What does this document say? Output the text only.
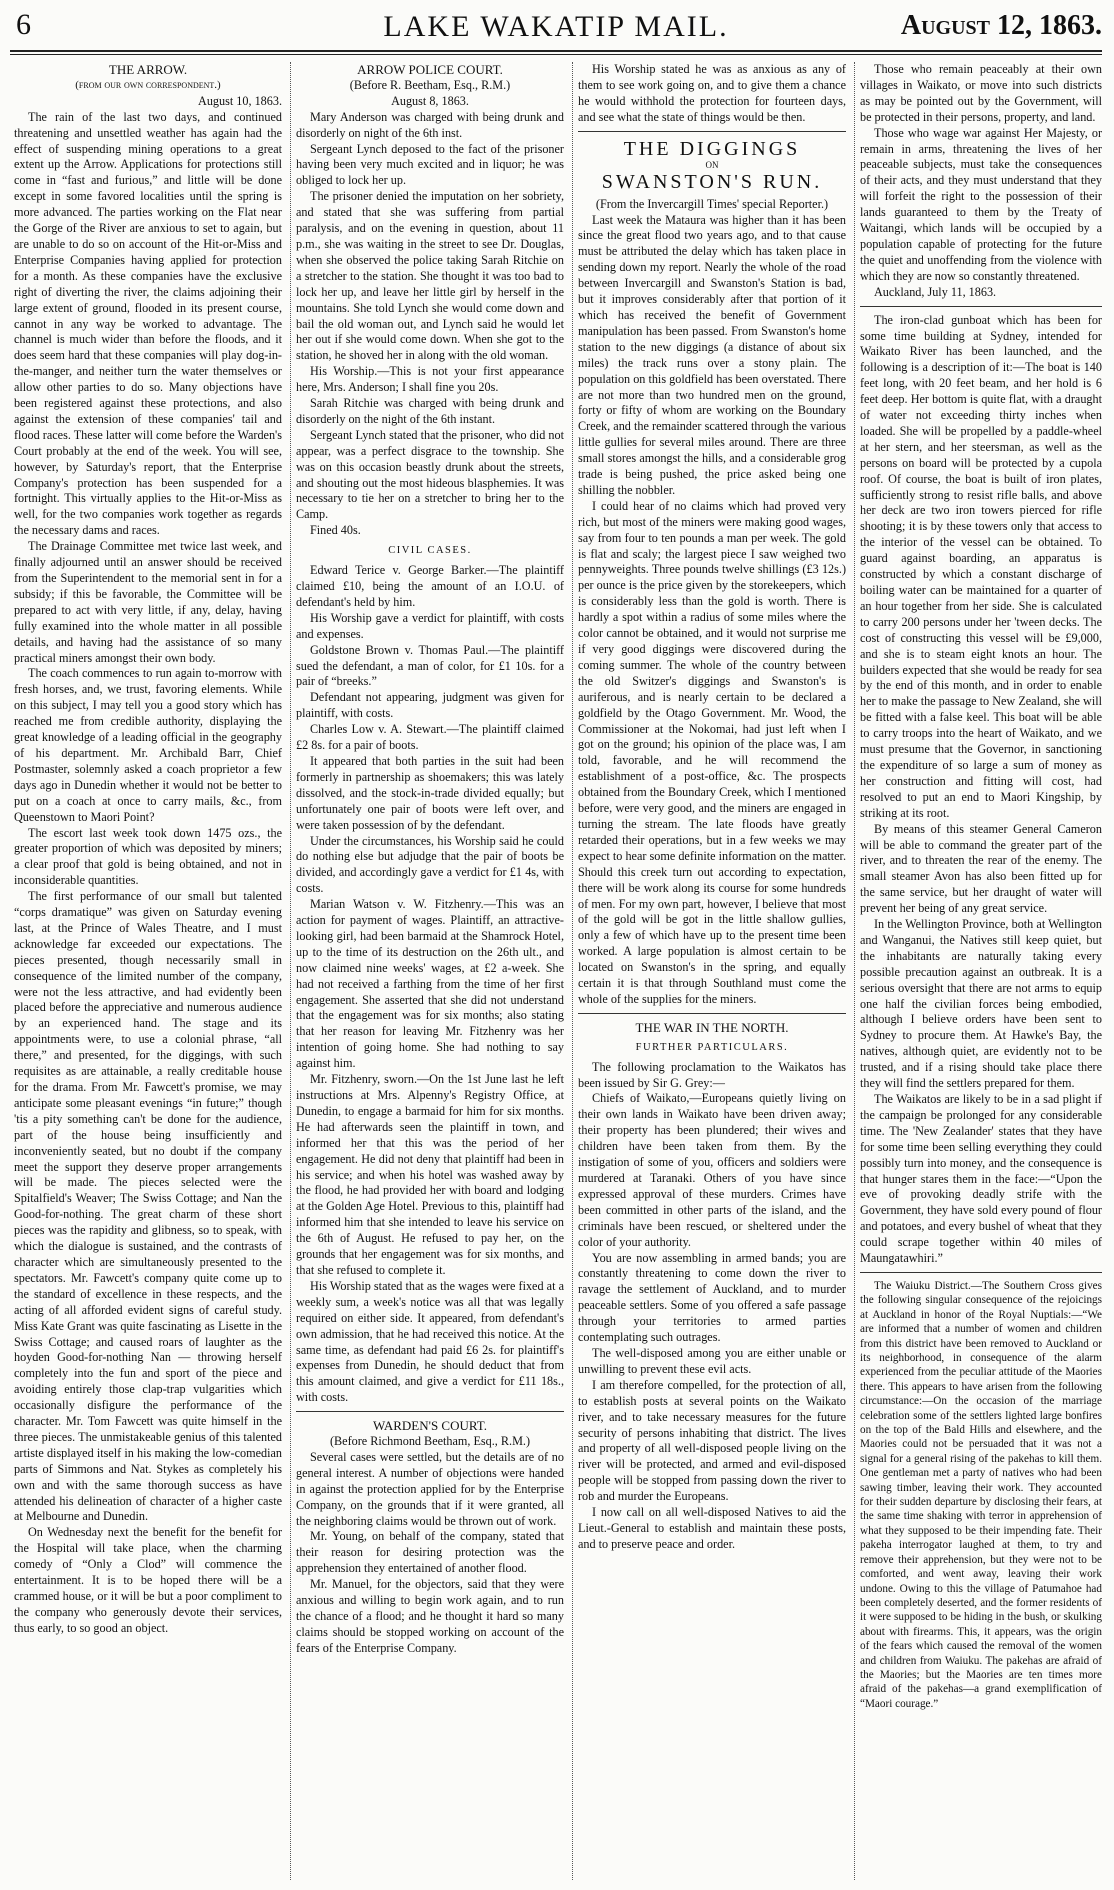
6	LAKE WAKATIP MAIL.	August 12, 1863.

THE ARROW.

(from our own correspondent.)

August 10, 1863.

The rain of the last two days, and continued threatening and unsettled weather has again had the effect of suspending mining operations to a great extent up the Arrow. Applications for protections still come in “fast and furious,” and little will be done except in some favored localities until the spring is more advanced. The parties working on the Flat near the Gorge of the River are anxious to set to again, but are unable to do so on account of the Hit-or-Miss and Enterprise Companies having applied for protection for a month. As these companies have the exclusive right of diverting the river, the claims adjoining their large extent of ground, flooded in its present course, cannot in any way be worked to advantage. The channel is much wider than before the floods, and it does seem hard that these companies will play dog-in-the-manger, and neither turn the water themselves or allow other parties to do so. Many objections have been registered against these protections, and also against the extension of these companies' tail and flood races. These latter will come before the Warden's Court probably at the end of the week. You will see, however, by Saturday's report, that the Enterprise Company's protection has been suspended for a fortnight. This virtually applies to the Hit-or-Miss as well, for the two companies work together as regards the necessary dams and races.

The Drainage Committee met twice last week, and finally adjourned until an answer should be received from the Superintendent to the memorial sent in for a subsidy; if this be favorable, the Committee will be prepared to act with very little, if any, delay, having fully examined into the whole matter in all possible details, and having had the assistance of so many practical miners amongst their own body.

The coach commences to run again to-morrow with fresh horses, and, we trust, favoring elements. While on this subject, I may tell you a good story which has reached me from credible authority, displaying the great knowledge of a leading official in the geography of his department. Mr. Archibald Barr, Chief Postmaster, solemnly asked a coach proprietor a few days ago in Dunedin whether it would not be better to put on a coach at once to carry mails, &c., from Queenstown to Maori Point?

The escort last week took down 1475 ozs., the greater proportion of which was deposited by miners; a clear proof that gold is being obtained, and not in inconsiderable quantities.

The first performance of our small but talented “corps dramatique” was given on Saturday evening last, at the Prince of Wales Theatre, and I must acknowledge far exceeded our expectations. The pieces presented, though necessarily small in consequence of the limited number of the company, were not the less attractive, and had evidently been placed before the appreciative and numerous audience by an experienced hand. The stage and its appointments were, to use a colonial phrase, “all there,” and presented, for the diggings, with such requisites as are attainable, a really creditable house for the drama. From Mr. Fawcett's promise, we may anticipate some pleasant evenings “in future;” though 'tis a pity something can't be done for the audience, part of the house being insufficiently and inconveniently seated, but no doubt if the company meet the support they deserve proper arrangements will be made. The pieces selected were the Spitalfield's Weaver; The Swiss Cottage; and Nan the Good-for-nothing. The great charm of these short pieces was the rapidity and glibness, so to speak, with which the dialogue is sustained, and the contrasts of character which are simultaneously presented to the spectators. Mr. Fawcett's company quite come up to the standard of excellence in these respects, and the acting of all afforded evident signs of careful study. Miss Kate Grant was quite fascinating as Lisette in the Swiss Cottage; and caused roars of laughter as the hoyden Good-for-nothing Nan — throwing herself completely into the fun and sport of the piece and avoiding entirely those clap-trap vulgarities which occasionally disfigure the performance of the character. Mr. Tom Fawcett was quite himself in the three pieces. The unmistakeable genius of this talented artiste displayed itself in his making the low-comedian parts of Simmons and Nat. Stykes as completely his own and with the same thorough success as have attended his delineation of character of a higher caste at Melbourne and Dunedin.

On Wednesday next the benefit for the benefit for the Hospital will take place, when the charming comedy of “Only a Clod” will commence the entertainment. It is to be hoped there will be a crammed house, or it will be but a poor compliment to the company who generously devote their services, thus early, to so good an object.

ARROW POLICE COURT.

(Before R. Beetham, Esq., R.M.)

August 8, 1863.

Mary Anderson was charged with being drunk and disorderly on night of the 6th inst.

Sergeant Lynch deposed to the fact of the prisoner having been very much excited and in liquor; he was obliged to lock her up.

The prisoner denied the imputation on her sobriety, and stated that she was suffering from partial paralysis, and on the evening in question, about 11 p.m., she was waiting in the street to see Dr. Douglas, when she observed the police taking Sarah Ritchie on a stretcher to the station. She thought it was too bad to lock her up, and leave her little girl by herself in the mountains. She told Lynch she would come down and bail the old woman out, and Lynch said he would let her out if she would come down. When she got to the station, he shoved her in along with the old woman.

His Worship.—This is not your first appearance here, Mrs. Anderson; I shall fine you 20s.

Sarah Ritchie was charged with being drunk and disorderly on the night of the 6th instant.

Sergeant Lynch stated that the prisoner, who did not appear, was a perfect disgrace to the township. She was on this occasion beastly drunk about the streets, and shouting out the most hideous blasphemies. It was necessary to tie her on a stretcher to bring her to the Camp.

Fined 40s.

CIVIL CASES.

Edward Terice v. George Barker.—The plaintiff claimed £10, being the amount of an I.O.U. of defendant's held by him.

His Worship gave a verdict for plaintiff, with costs and expenses.

Goldstone Brown v. Thomas Paul.—The plaintiff sued the defendant, a man of color, for £1 10s. for a pair of “breeks.”

Defendant not appearing, judgment was given for plaintiff, with costs.

Charles Low v. A. Stewart.—The plaintiff claimed £2 8s. for a pair of boots.

It appeared that both parties in the suit had been formerly in partnership as shoemakers; this was lately dissolved, and the stock-in-trade divided equally; but unfortunately one pair of boots were left over, and were taken possession of by the defendant.

Under the circumstances, his Worship said he could do nothing else but adjudge that the pair of boots be divided, and accordingly gave a verdict for £1 4s, with costs.

Marian Watson v. W. Fitzhenry.—This was an action for payment of wages. Plaintiff, an attractive-looking girl, had been barmaid at the Shamrock Hotel, up to the time of its destruction on the 26th ult., and now claimed nine weeks' wages, at £2 a-week. She had not received a farthing from the time of her first engagement. She asserted that she did not understand that the engagement was for six months; also stating that her reason for leaving Mr. Fitzhenry was her intention of going home. She had nothing to say against him.

Mr. Fitzhenry, sworn.—On the 1st June last he left instructions at Mrs. Alpenny's Registry Office, at Dunedin, to engage a barmaid for him for six months. He had afterwards seen the plaintiff in town, and informed her that this was the period of her engagement. He did not deny that plaintiff had been in his service; and when his hotel was washed away by the flood, he had provided her with board and lodging at the Golden Age Hotel. Previous to this, plaintiff had informed him that she intended to leave his service on the 6th of August. He refused to pay her, on the grounds that her engagement was for six months, and that she refused to complete it.

His Worship stated that as the wages were fixed at a weekly sum, a week's notice was all that was legally required on either side. It appeared, from defendant's own admission, that he had received this notice. At the same time, as defendant had paid £6 2s. for plaintiff's expenses from Dunedin, he should deduct that from this amount claimed, and give a verdict for £11 18s., with costs.

WARDEN'S COURT.

(Before Richmond Beetham, Esq., R.M.)

Several cases were settled, but the details are of no general interest. A number of objections were handed in against the protection applied for by the Enterprise Company, on the grounds that if it were granted, all the neighboring claims would be thrown out of work.

Mr. Young, on behalf of the company, stated that their reason for desiring protection was the apprehension they entertained of another flood.

Mr. Manuel, for the objectors, said that they were anxious and willing to begin work again, and to run the chance of a flood; and he thought it hard so many claims should be stopped working on account of the fears of the Enterprise Company.

His Worship stated he was as anxious as any of them to see work going on, and to give them a chance he would withhold the protection for fourteen days, and see what the state of things would be then.

THE DIGGINGS

ON

SWANSTON'S RUN.

(From the Invercargill Times' special Reporter.)

Last week the Mataura was higher than it has been since the great flood two years ago, and to that cause must be attributed the delay which has taken place in sending down my report. Nearly the whole of the road between Invercargill and Swanston's Station is bad, but it improves considerably after that portion of it which has received the benefit of Government manipulation has been passed. From Swanston's home station to the new diggings (a distance of about six miles) the track runs over a stony plain. The population on this goldfield has been overstated. There are not more than two hundred men on the ground, forty or fifty of whom are working on the Boundary Creek, and the remainder scattered through the various little gullies for several miles around. There are three small stores amongst the hills, and a considerable grog trade is being pushed, the price asked being one shilling the nobbler.

I could hear of no claims which had proved very rich, but most of the miners were making good wages, say from four to ten pounds a man per week. The gold is flat and scaly; the largest piece I saw weighed two pennyweights. Three pounds twelve shillings (£3 12s.) per ounce is the price given by the storekeepers, which is considerably less than the gold is worth. There is hardly a spot within a radius of some miles where the color cannot be obtained, and it would not surprise me if very good diggings were discovered during the coming summer. The whole of the country between the old Switzer's diggings and Swanston's is auriferous, and is nearly certain to be declared a goldfield by the Otago Government. Mr. Wood, the Commissioner at the Nokomai, had just left when I got on the ground; his opinion of the place was, I am told, favorable, and he will recommend the establishment of a post-office, &c. The prospects obtained from the Boundary Creek, which I mentioned before, were very good, and the miners are engaged in turning the stream. The late floods have greatly retarded their operations, but in a few weeks we may expect to hear some definite information on the matter. Should this creek turn out according to expectation, there will be work along its course for some hundreds of men. For my own part, however, I believe that most of the gold will be got in the little shallow gullies, only a few of which have up to the present time been worked. A large population is almost certain to be located on Swanston's in the spring, and equally certain it is that through Southland must come the whole of the supplies for the miners.

THE WAR IN THE NORTH.

FURTHER PARTICULARS.

The following proclamation to the Waikatos has been issued by Sir G. Grey:—

Chiefs of Waikato,—Europeans quietly living on their own lands in Waikato have been driven away; their property has been plundered; their wives and children have been taken from them. By the instigation of some of you, officers and soldiers were murdered at Taranaki. Others of you have since expressed approval of these murders. Crimes have been committed in other parts of the island, and the criminals have been rescued, or sheltered under the color of your authority.

You are now assembling in armed bands; you are constantly threatening to come down the river to ravage the settlement of Auckland, and to murder peaceable settlers. Some of you offered a safe passage through your territories to armed parties contemplating such outrages.

The well-disposed among you are either unable or unwilling to prevent these evil acts.

I am therefore compelled, for the protection of all, to establish posts at several points on the Waikato river, and to take necessary measures for the future security of persons inhabiting that district. The lives and property of all well-disposed people living on the river will be protected, and armed and evil-disposed people will be stopped from passing down the river to rob and murder the Europeans.

I now call on all well-disposed Natives to aid the Lieut.-General to establish and maintain these posts, and to preserve peace and order.

Those who remain peaceably at their own villages in Waikato, or move into such districts as may be pointed out by the Government, will be protected in their persons, property, and land.

Those who wage war against Her Majesty, or remain in arms, threatening the lives of her peaceable subjects, must take the consequences of their acts, and they must understand that they will forfeit the right to the possession of their lands guaranteed to them by the Treaty of Waitangi, which lands will be occupied by a population capable of protecting for the future the quiet and unoffending from the violence with which they are now so constantly threatened.

Auckland, July 11, 1863.

The iron-clad gunboat which has been for some time building at Sydney, intended for Waikato River has been launched, and the following is a description of it:—The boat is 140 feet long, with 20 feet beam, and her hold is 6 feet deep. Her bottom is quite flat, with a draught of water not exceeding thirty inches when loaded. She will be propelled by a paddle-wheel at her stern, and her steersman, as well as the persons on board will be protected by a cupola roof. Of course, the boat is built of iron plates, sufficiently strong to resist rifle balls, and above her deck are two iron towers pierced for rifle shooting; it is by these towers only that access to the interior of the vessel can be obtained. To guard against boarding, an apparatus is constructed by which a constant discharge of boiling water can be maintained for a quarter of an hour together from her side. She is calculated to carry 200 persons under her 'tween decks. The cost of constructing this vessel will be £9,000, and she is to steam eight knots an hour. The builders expected that she would be ready for sea by the end of this month, and in order to enable her to make the passage to New Zealand, she will be fitted with a false keel. This boat will be able to carry troops into the heart of Waikato, and we must presume that the Governor, in sanctioning the expenditure of so large a sum of money as her construction and fitting will cost, had resolved to put an end to Maori Kingship, by striking at its root.

By means of this steamer General Cameron will be able to command the greater part of the river, and to threaten the rear of the enemy. The small steamer Avon has also been fitted up for the same service, but her draught of water will prevent her being of any great service.

In the Wellington Province, both at Wellington and Wanganui, the Natives still keep quiet, but the inhabitants are naturally taking every possible precaution against an outbreak. It is a serious oversight that there are not arms to equip one half the civilian forces being embodied, although I believe orders have been sent to Sydney to procure them. At Hawke's Bay, the natives, although quiet, are evidently not to be trusted, and if a rising should take place there they will find the settlers prepared for them.

The Waikatos are likely to be in a sad plight if the campaign be prolonged for any considerable time. The 'New Zealander' states that they have for some time been selling everything they could possibly turn into money, and the consequence is that hunger stares them in the face:—“Upon the eve of provoking deadly strife with the Government, they have sold every pound of flour and potatoes, and every bushel of wheat that they could scrape together within 40 miles of Maungatawhiri.”

The Waiuku District.—The Southern Cross gives the following singular consequence of the rejoicings at Auckland in honor of the Royal Nuptials:—“We are informed that a number of women and children from this district have been removed to Auckland or its neighborhood, in consequence of the alarm experienced from the peculiar attitude of the Maories there. This appears to have arisen from the following circumstance:—On the occasion of the marriage celebration some of the settlers lighted large bonfires on the top of the Bald Hills and elsewhere, and the Maories could not be persuaded that it was not a signal for a general rising of the pakehas to kill them. One gentleman met a party of natives who had been sawing timber, leaving their work. They accounted for their sudden departure by disclosing their fears, at the same time shaking with terror in apprehension of what they supposed to be their impending fate. Their pakeha interrogator laughed at them, to try and remove their apprehension, but they were not to be comforted, and went away, leaving their work undone. Owing to this the village of Patumahoe had been completely deserted, and the former residents of it were supposed to be hiding in the bush, or skulking about with firearms. This, it appears, was the origin of the fears which caused the removal of the women and children from Waiuku. The pakehas are afraid of the Maories; but the Maories are ten times more afraid of the pakehas—a grand exemplification of “Maori courage.”
